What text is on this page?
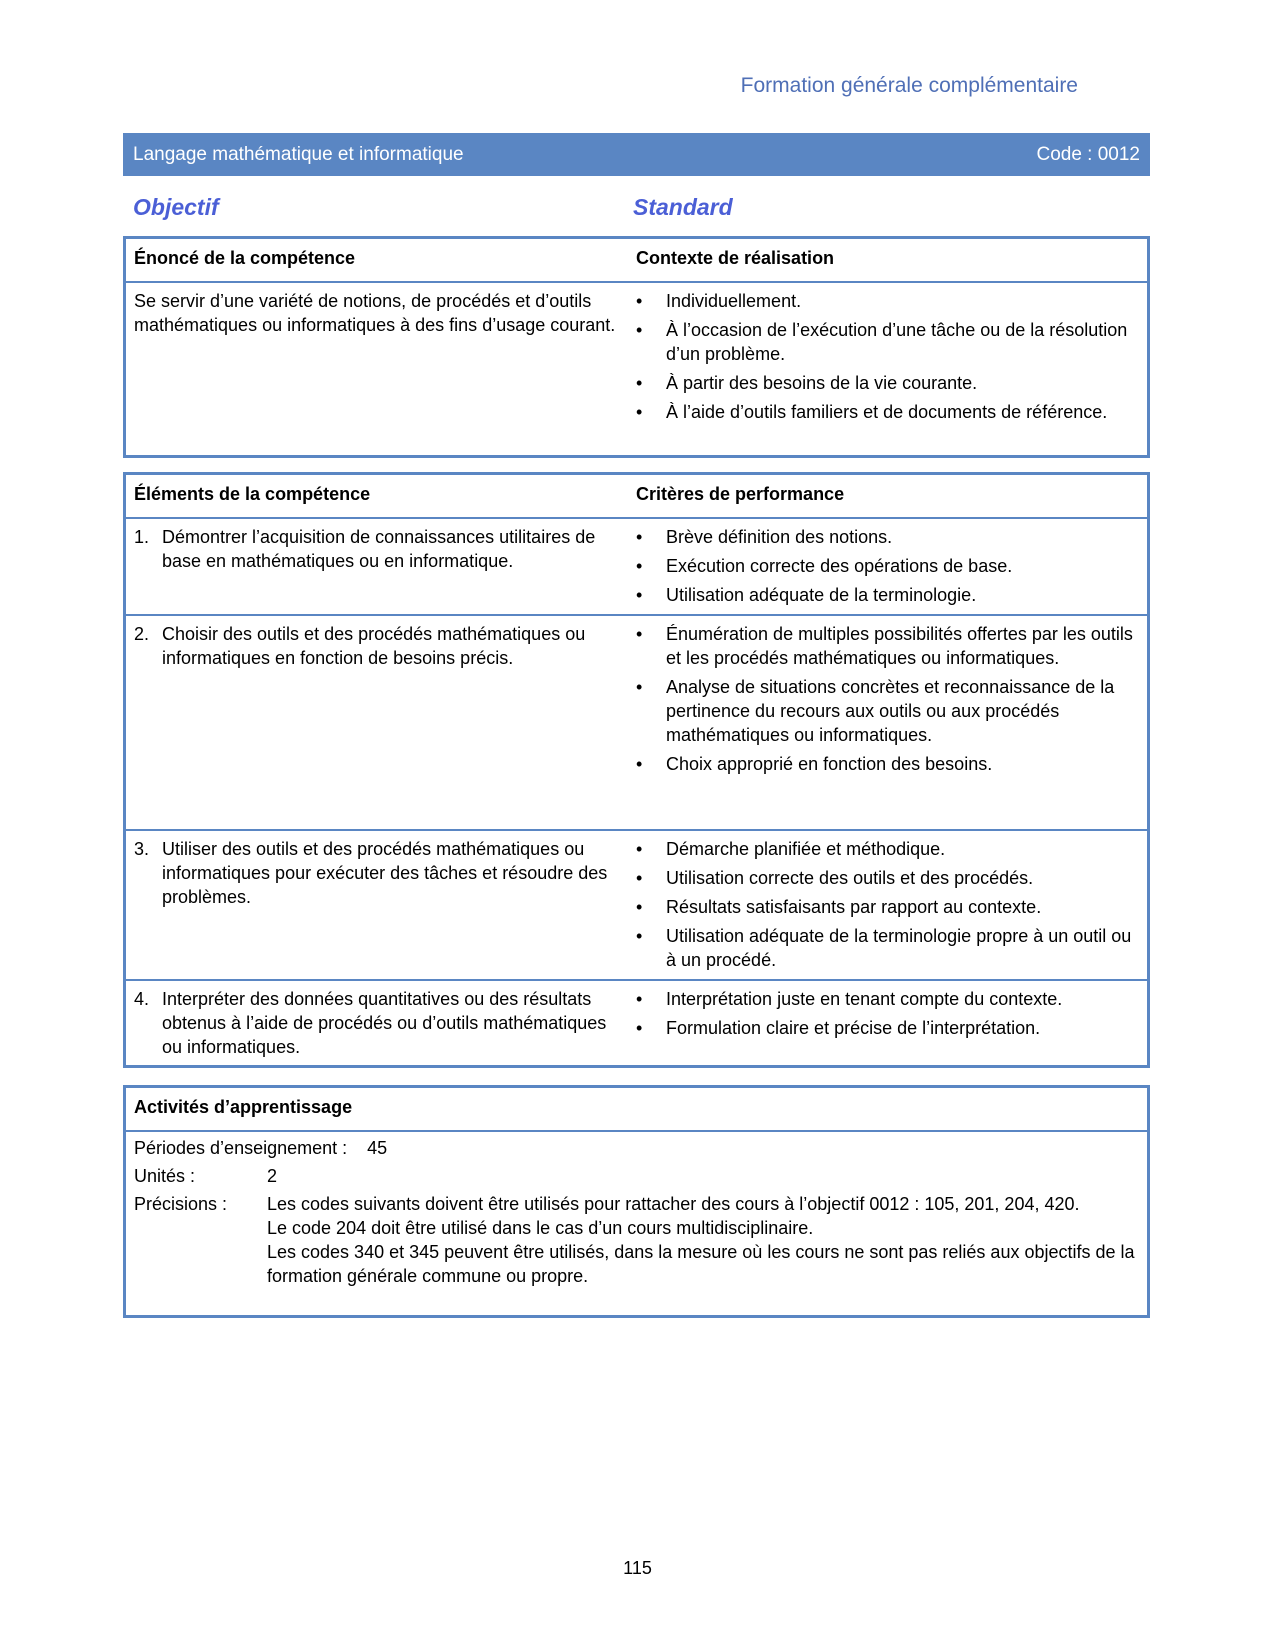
Formation générale complémentaire
Langage mathématique et informatique	Code : 0012
Objectif	Standard
Énoncé de la compétence	Contexte de réalisation
Se servir d’une variété de notions, de procédés et d’outils mathématiques ou informatiques à des fins d’usage courant.
• Individuellement.
• À l’occasion de l’exécution d’une tâche ou de la résolution d’un problème.
• À partir des besoins de la vie courante.
• À l’aide d’outils familiers et de documents de référence.
Éléments de la compétence	Critères de performance
1. Démontrer l’acquisition de connaissances utilitaires de base en mathématiques ou en informatique.
• Brève définition des notions.
• Exécution correcte des opérations de base.
• Utilisation adéquate de la terminologie.
2. Choisir des outils et des procédés mathématiques ou informatiques en fonction de besoins précis.
• Énumération de multiples possibilités offertes par les outils et les procédés mathématiques ou informatiques.
• Analyse de situations concrètes et reconnaissance de la pertinence du recours aux outils ou aux procédés mathématiques ou informatiques.
• Choix approprié en fonction des besoins.
3. Utiliser des outils et des procédés mathématiques ou informatiques pour exécuter des tâches et résoudre des problèmes.
• Démarche planifiée et méthodique.
• Utilisation correcte des outils et des procédés.
• Résultats satisfaisants par rapport au contexte.
• Utilisation adéquate de la terminologie propre à un outil ou à un procédé.
4. Interpréter des données quantitatives ou des résultats obtenus à l’aide de procédés ou d’outils mathématiques ou informatiques.
• Interprétation juste en tenant compte du contexte.
• Formulation claire et précise de l’interprétation.
Activités d’apprentissage
Périodes d’enseignement : 45
Unités :	2
Précisions :	Les codes suivants doivent être utilisés pour rattacher des cours à l’objectif 0012 : 105, 201, 204, 420.
Le code 204 doit être utilisé dans le cas d’un cours multidisciplinaire.
Les codes 340 et 345 peuvent être utilisés, dans la mesure où les cours ne sont pas reliés aux objectifs de la formation générale commune ou propre.
115
